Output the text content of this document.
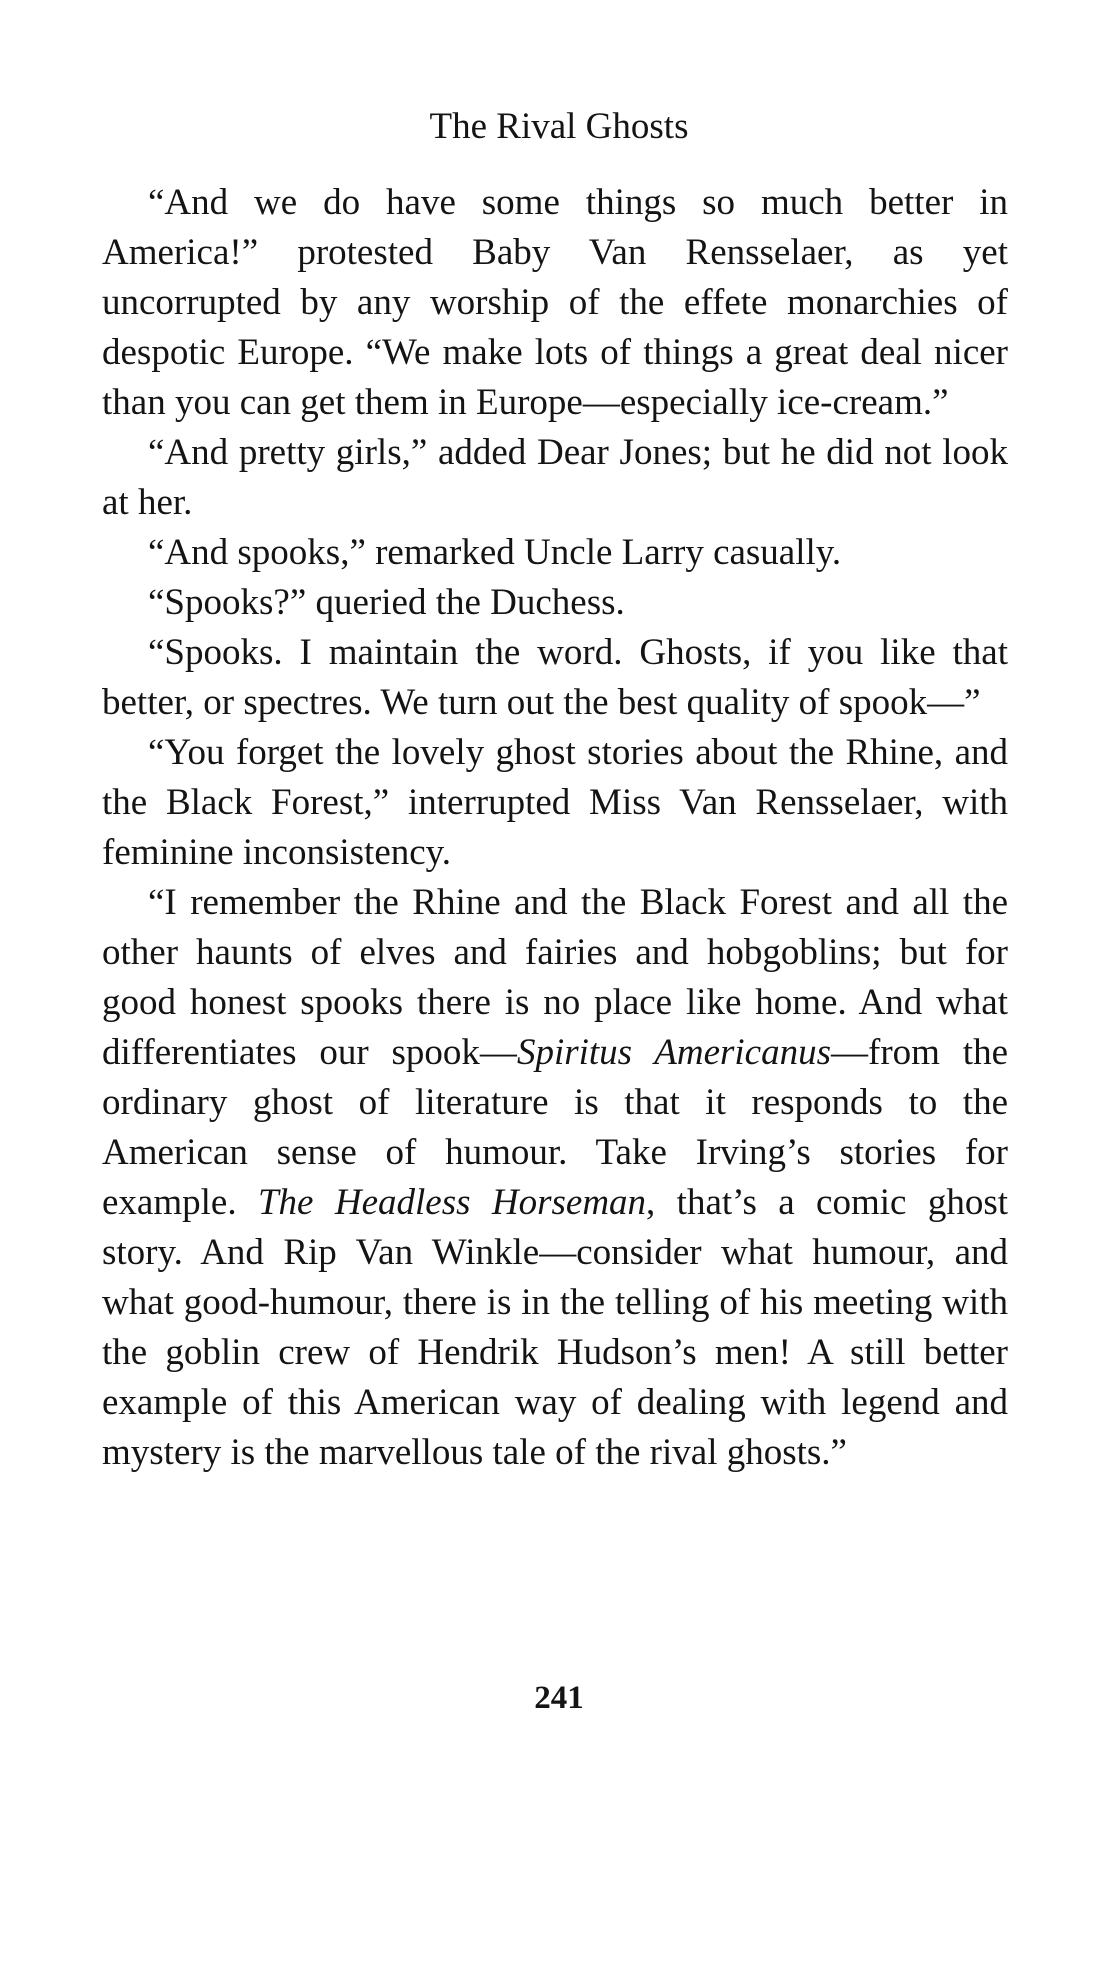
The Rival Ghosts

“And we do have some things so much better in America!” protested Baby Van Rensselaer, as yet uncorrupted by any worship of the effete monarchies of despotic Europe. “We make lots of things a great deal nicer than you can get them in Europe—especially ice-cream.”

“And pretty girls,” added Dear Jones; but he did not look at her.

“And spooks,” remarked Uncle Larry casually.

“Spooks?” queried the Duchess.

“Spooks. I maintain the word. Ghosts, if you like that better, or spectres. We turn out the best quality of spook—”

“You forget the lovely ghost stories about the Rhine, and the Black Forest,” interrupted Miss Van Rensselaer, with feminine inconsistency.

“I remember the Rhine and the Black Forest and all the other haunts of elves and fairies and hobgoblins; but for good honest spooks there is no place like home. And what differentiates our spook—Spiritus Americanus—from the ordinary ghost of literature is that it responds to the American sense of humour. Take Irving’s stories for example. The Headless Horseman, that’s a comic ghost story. And Rip Van Winkle—consider what humour, and what good-humour, there is in the telling of his meeting with the goblin crew of Hendrik Hudson’s men! A still better example of this American way of dealing with legend and mystery is the marvellous tale of the rival ghosts.”

241
